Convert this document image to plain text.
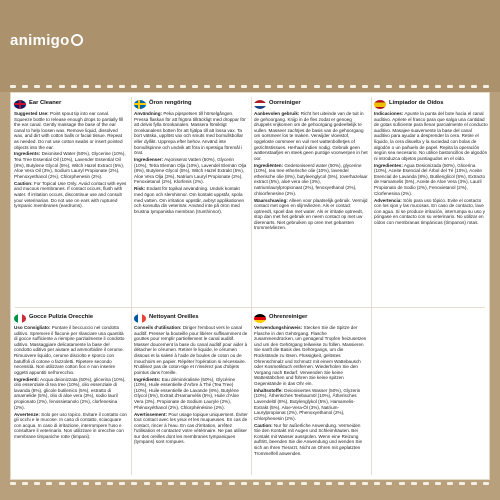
animigo
Ear Cleaner
Suggested Use: Point spout tip into ear canal. Squeeze bottle to release enough drops to partially fill the ear canal. Gently massage the base of the ear canal to help loosen wax. Remove liquid, dissolved wax, and dirt with cotton balls or facial tissue. Repeat as needed. Do not use cotton swabs or insert pointed objects into the ear.
Ingredients: Deionised Water (50%), Glycerine (10%), Tea Tree Essential Oil (10%), Lavender Essential Oil (8%), Butylene Glycol (5%), Witch Hazel Extract (5%), Aloe Vera Oil (3%), Sodium Lauryl Propionate (2%), Phenoxyethanol (2%), Chlorphenesin (2%).
Caution: For Topical Use Only. Avoid contact with eyes and mucous membranes. If contact occurs, flush with water. If irritation occurs, discontinue use and consult your veterinarian. Do not use on ears with ruptured tympanic membranes (eardrums).
Öron rengöring
Användning: Peka pipspetsen till hörselgången. Pressa flaskan för att frigöra tillräckligt med droppar för att delvis fylla öronkanalen. Massera försiktigt öronkanalens botten för att hjälpa till att lossa vax. Ta bort vätska, upplöst vax och smuts med bomullsbollar eller dyllikt. Upprepa efter behov. Använd inte bomullspinne och undvik att föra in spetsiga föremål i örat.
Ingredienser: Avjoniserat Vatten (50%), Glycerin (10%), Tetra Elemän Olja (10%), Lavendel Elemän Olja (8%), Butylene Glycol (5%), Witch Hazel Extrakt (5%), Aloe Vera Olja (3%), Natrium Lauryl Propionate (2%), Fenoxietanol (2%), Klorfenis (2%).
Risk: Endast för topikal användning. Undvik kontakt med ögon och slemhinnor. Om kontakt uppstår, spola med vatten. Om irritation uppstår, avbryt applikationen och konsulta din veterinär. Använd inte på öron med brustna tympaniska membran (trumhinnor).
Oorreiniger
Aanbevolen gebruik: Richt het uiteinde van de tuit in de gehoorgang. Knijp in de fles zodat er genoeg druppels vrijkomen om de gehoorgang gedeeltelijk te vullen. Masseer zachtjes de basis van de gehoorgang om oorsmeer los te maken. Verwijder vloeistof, opgeloste oorsmeer en vuil met wattenbolletjes of gezichtstissues. Herhaal indien nodig. Gebruik geen wattenstaafjes en steek geen puntige voorwerpen in het oor.
Ingrediënten: Gedeïoniseerd water (50%), glycerine (10%), tea tree etherische olie (10%), lavendel etherische olie (8%), butyleenglycol (5%), toverhazelaar extract (5%), aloë vera olie (3%), natriumlaurylpropionaat (2%), fenoxyethanol (2%), chloorfenesine (2%).
Waarschuwing: Alleen voor plaatselijk gebruik. Vermijd contact met ogen en slijmvliezen. Als er contact optreedt, spoel dan met water. Als er irritatie optreedt, stop dan met het gebruik en neem contact op met uw dierenarts. Niet gebruiken op oren met gebarsten trommelvliezen.
Limpiador de Oídos
Indicaciones: Apunte la punta del bote hacia el canal auditivo. Apriete el frasco para que salga una cantidad de gotas suficiente para llenar parcialmente el conducto auditivo. Masajee suavemente la base del canal auditivo para ayudar a desprender la cera. Retire el líquido, la cera disuelta y la suciedad con bolas de algodón o un pañuelo de papel. Repita la operación según sea necesario. No utilice bastoncillos de algodón ni introduzca objetos puntiagudos en el oído.
Ingredientes: Agua Desionizada (50%), Glicerina (10%), Aceite Esencial del Árbol del Té (10%), Aceite Esencial de Lavanda (8%), Butilenglicol (5%), Extracto de Hamamelis (5%), Aceite de Aloe Vera (3%), Lauril Propionato de Sodio (2%), Fenoxietanol (2%), Clorfenesina (2%).
Advertencia: Sólo para uso tópico. Evite el contacto con los ojos y las mucosas. En caso de contacto, lave con agua. Si se produce irritación, interrumpa su uso y póngase en contacto con su veterinario. No utilizar en oídos con membranas timpánicas (tímpanos) rotas.
Gocce Pulizia Orecchie
Uso Consigliato: Puntare il beccuccio nel condotto uditivo. Spremere il flacone per rilasciare una quantità di gocce sufficiente a riempire parzialmente il condotto uditivo. Massaggiare delicatamente la base del condotto uditivo per aiutare ad ammorbidire il cerume. Rimuovere liquido, cerume disciolto e sporco con batuffoli di cotone o fazzoletti. Ripetere secondo necessità. Non utilizzare cotton fioc e non inserire oggetti appuntiti nell'orecchio.
Ingredienti: Acqua deionizzata (50%), glicerina (10%), olio essenziale di tea tree (10%), olio essenziale di lavanda (8%), glicole butilenico (5%), estratto di amamelide (5%), olio di aloe vera (3%), sodio lauril propionato (2%), fenossietanolo (2%), clorfenesina (2%).
Avvertenze: Solo per uso topico. Evitare il contatto con gli occhi e le mucose. In caso di contatto, sciacquare con acqua. In caso di irritazione, interrompere l'uso e consultare il veterinario. Non utilizzare in orecchie con membrane timpaniche rotte (timpani).
Nettoyant Oreilles
Conseils d'utilisation: Diriger l'embout vers le canal auditif. Presser la bouteille pour libérer suffisamment de gouttes pour remplir partiellement le canal auditif. Masser doucement la base du canal auditif pour aider à détacher le cérumen. Retirer le liquide, le cérumen dissous et la saleté à l'aide de boules de coton ou de mouchoirs en papier. Répéter l'opération si nécessaire. N'utilisez pas de coton-tige et n'insérez pas d'objets pointus dans l'oreille.
Ingrédients: Eau déminéralisée (50%), Glycérine (10%), Huile essentielle d'Arbre à Thé (Tea Tree) (10%), Huile essentielle de Lavande (8%), Butylène Glycol (5%), Extrait d'Hamamélis (5%), Huile d'Aloe Vera (3%), Propionate de Sodium Lauryle (2%), Phénoxyéthanol (2%), Chlorphénésine (2%).
Avertissement: Pour usage topique uniquement. Éviter tout contact avec les yeux et les muqueuses. En cas de contact, rincer à l'eau. En cas d'irritation, arrêtez l'utilisation et contactez votre vétérinaire. Ne pas utiliser sur des oreilles dont les membranes tympaniques (tympans) sont rompues.
Ohrenreiniger
Verwendungshinweis: Stecken Sie die Spitze der Flasche in den Gehörgang. Flasche zusammendrücken, um genügend Tropfen freizusetzen und um den Gehörgang teilweise zu füllen. Massieren Sie sanft die Basis des Gehörgangs, um die Rückstände zu lösen. Flüssigkeit, gelöstes Ohrenschmalz und Schmutz mit einem Wattebausch oder Kosmetiktuch entfernen. Wiederholen Sie den Vorgang nach Bedarf. Verwenden Sie keine Wattestäbchen und führen Sie keine spitzen Gegenstände in das Ohr ein.
Inhaltsstoffe: Deionisiertes Wasser (50%), Glyzerin (10%), Ätherisches Teebaumöl (10%), Ätherisches Lavendelöl (8%), Butylenglykol (5%), Hamamelis-Extrakt (5%), Aloe-Vera-Öl (3%), Natrium-Laurylpropionat (2%), Phenoxyethanol (2%), Chlorphenesin (2%).
Caution: Nur für äußerliche Anwendung. Vermeiden Sie den Kontakt mit Augen und Schleimhäuten. Bei Kontakt mit Wasser ausspülen. Wenn eine Reizung auftritt, beenden Sie die Anwendung und wenden Sie sich an Ihren Tierarzt. Nicht an Ohren mit geplatzten Trommelfell anwenden.
